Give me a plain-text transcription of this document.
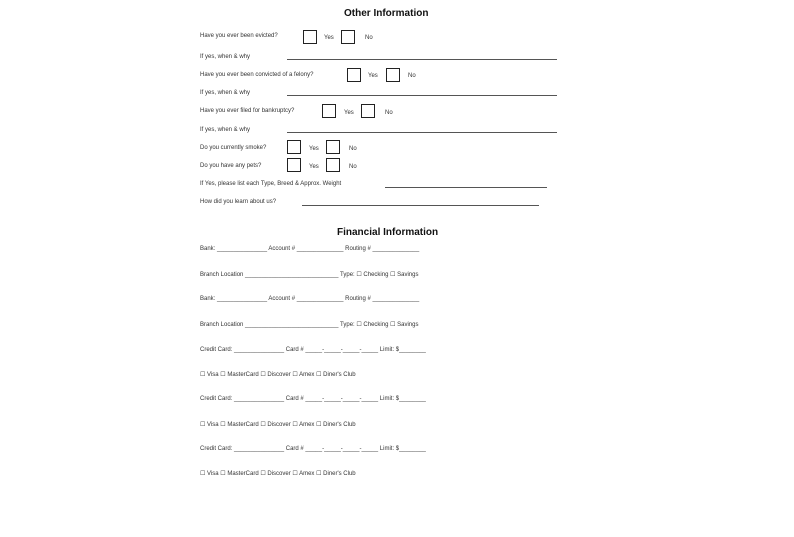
Other Information
Have you ever been evicted?	Yes	No
If yes, when & why
Have you ever been convicted of a felony?	Yes	No
If yes, when & why
Have you ever filed for bankruptcy?	Yes	No
If yes, when & why
Do you currently smoke?	Yes	No
Do you have any pets?	Yes	No
If Yes, please list each Type, Breed & Approx. Weight
How did you learn about us?
Financial Information
Bank: _______________ Account # ______________ Routing # ______________
Branch Location ____________________________ Type: ☐ Checking ☐ Savings
Bank: _______________ Account # ______________ Routing # ______________
Branch Location ____________________________ Type: ☐ Checking ☐ Savings
Credit Card: _______________ Card # _____-_____-_____-_____ Limit: $________
☐ Visa ☐ MasterCard ☐ Discover ☐ Amex ☐ Diner's Club
Credit Card: _______________ Card # _____-_____-_____-_____ Limit: $________
☐ Visa ☐ MasterCard ☐ Discover ☐ Amex ☐ Diner's Club
Credit Card: _______________ Card # _____-_____-_____-_____ Limit: $________
☐ Visa ☐ MasterCard ☐ Discover ☐ Amex ☐ Diner's Club
